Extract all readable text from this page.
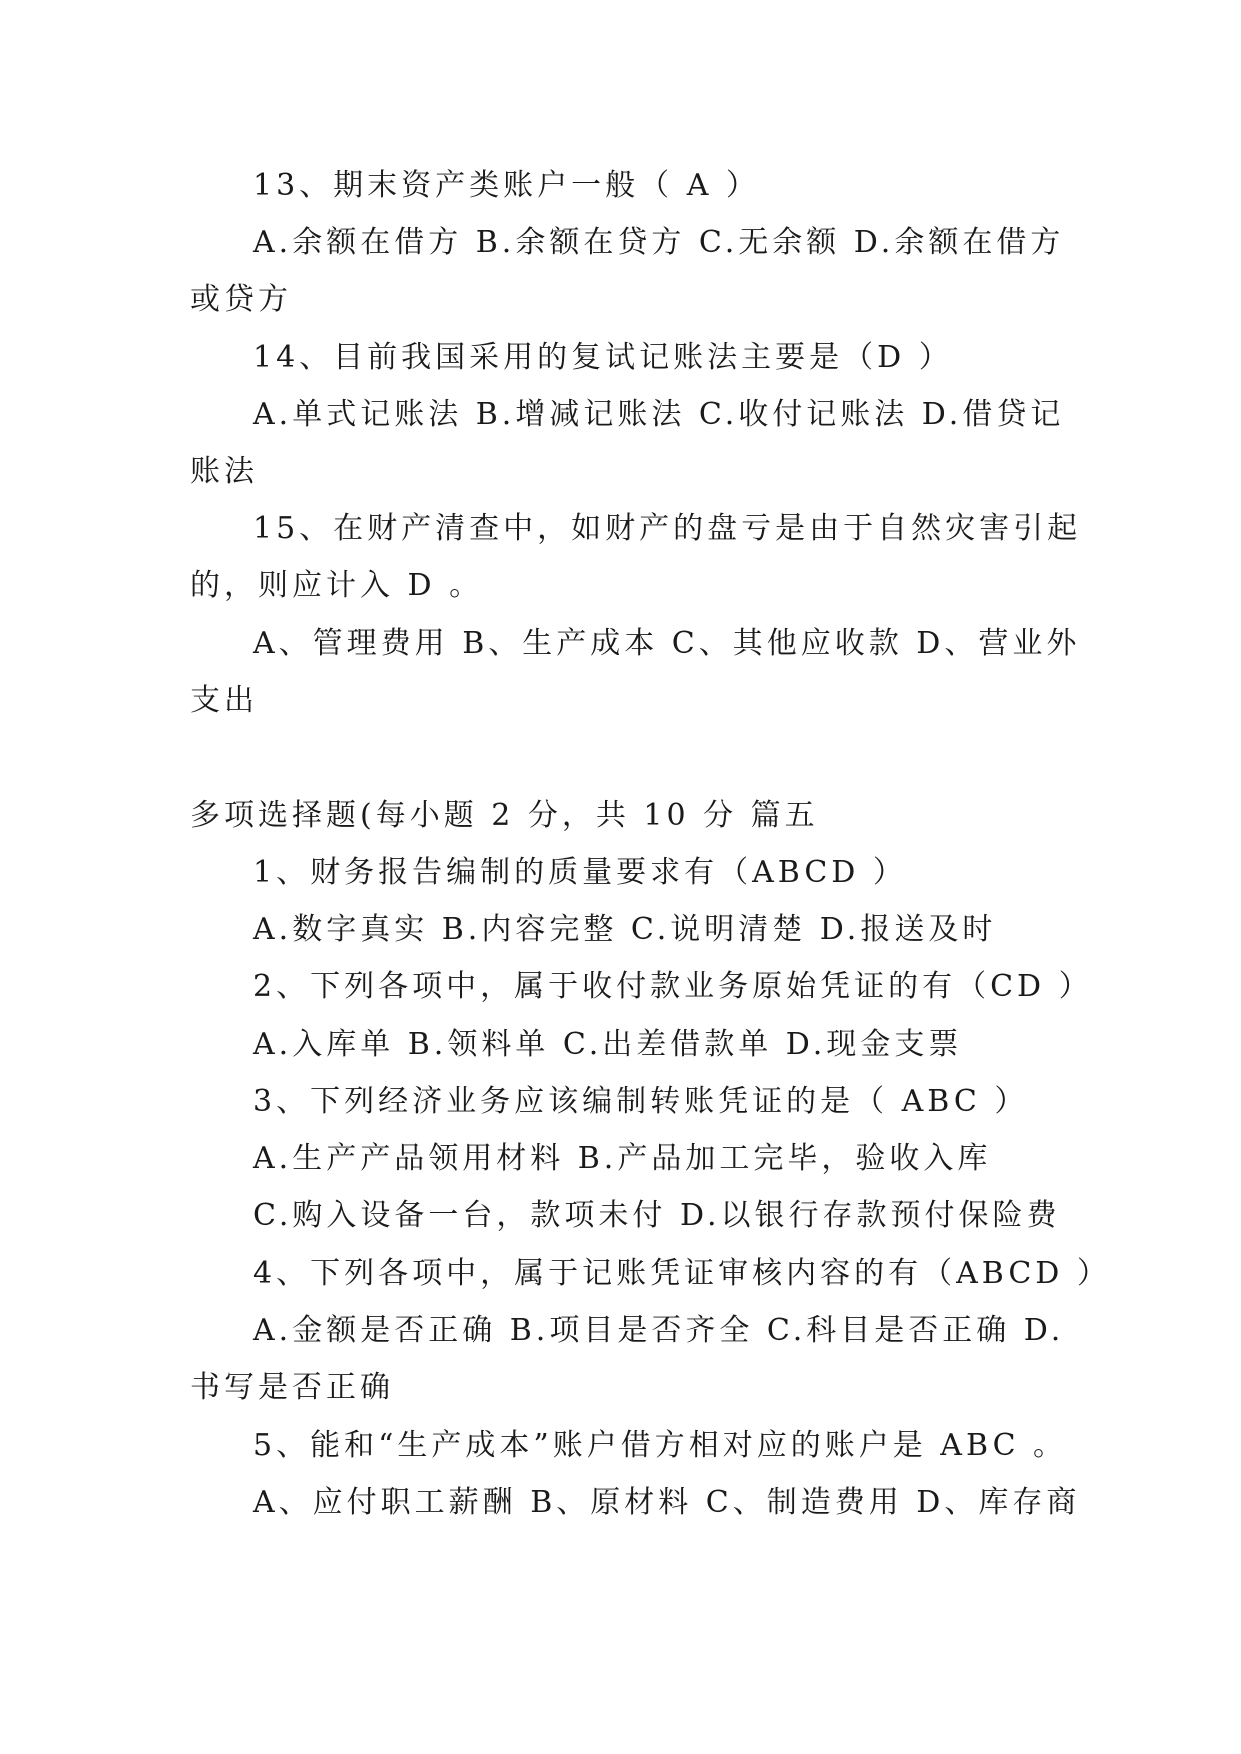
13、期末资产类账户一般（ A ）
A.余额在借方 B.余额在贷方 C.无余额 D.余额在借方
或贷方
14、目前我国采用的复试记账法主要是（D ）
A.单式记账法 B.增减记账法 C.收付记账法 D.借贷记
账法
15、在财产清查中，如财产的盘亏是由于自然灾害引起
的，则应计入 D 。
A、管理费用 B、生产成本 C、其他应收款 D、营业外
支出
多项选择题(每小题 2 分，共 10 分 篇五
1、财务报告编制的质量要求有（ABCD ）
A.数字真实 B.内容完整 C.说明清楚 D.报送及时
2、下列各项中，属于收付款业务原始凭证的有（CD ）
A.入库单 B.领料单 C.出差借款单 D.现金支票
3、下列经济业务应该编制转账凭证的是（ ABC ）
A.生产产品领用材料 B.产品加工完毕，验收入库
C.购入设备一台，款项未付 D.以银行存款预付保险费
4、下列各项中，属于记账凭证审核内容的有（ABCD ）
A.金额是否正确 B.项目是否齐全 C.科目是否正确 D.
书写是否正确
5、能和“生产成本”账户借方相对应的账户是 ABC 。
A、应付职工薪酬 B、原材料 C、制造费用 D、库存商
